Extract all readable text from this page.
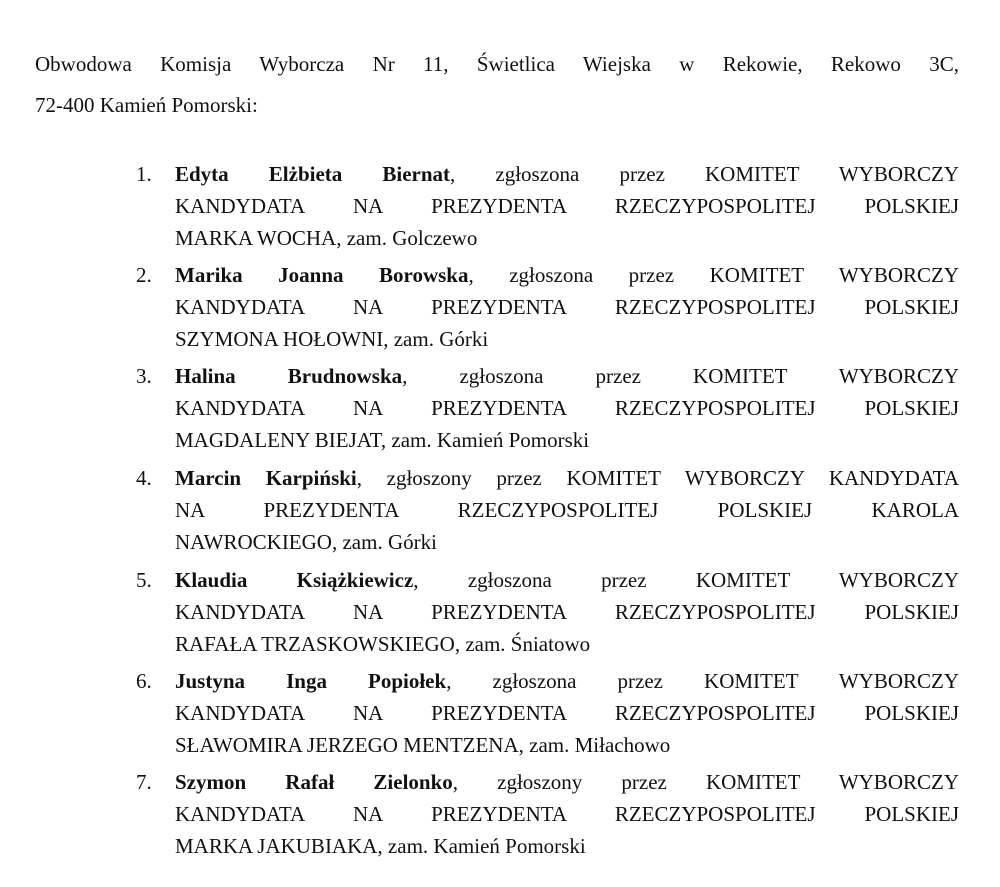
Obwodowa Komisja Wyborcza Nr 11, Świetlica Wiejska w Rekowie, Rekowo 3C,
72-400 Kamień Pomorski:
1.	Edyta Elżbieta Biernat, zgłoszona przez KOMITET WYBORCZY
KANDYDATA NA PREZYDENTA RZECZYPOSPOLITEJ POLSKIEJ
MARKA WOCHA, zam. Golczewo
2.	Marika Joanna Borowska, zgłoszona przez KOMITET WYBORCZY
KANDYDATA NA PREZYDENTA RZECZYPOSPOLITEJ POLSKIEJ
SZYMONA HOŁOWNI, zam. Górki
3.	Halina Brudnowska, zgłoszona przez KOMITET WYBORCZY
KANDYDATA NA PREZYDENTA RZECZYPOSPOLITEJ POLSKIEJ
MAGDALENY BIEJAT, zam. Kamień Pomorski
4.	Marcin Karpiński, zgłoszony przez KOMITET WYBORCZY KANDYDATA
NA PREZYDENTA RZECZYPOSPOLITEJ POLSKIEJ KAROLA
NAWROCKIEGO, zam. Górki
5.	Klaudia Książkiewicz, zgłoszona przez KOMITET WYBORCZY
KANDYDATA NA PREZYDENTA RZECZYPOSPOLITEJ POLSKIEJ
RAFAŁA TRZASKOWSKIEGO, zam. Śniatowo
6.	Justyna Inga Popiołek, zgłoszona przez KOMITET WYBORCZY
KANDYDATA NA PREZYDENTA RZECZYPOSPOLITEJ POLSKIEJ
SŁAWOMIRA JERZEGO MENTZENA, zam. Miłachowo
7.	Szymon Rafał Zielonko, zgłoszony przez KOMITET WYBORCZY
KANDYDATA NA PREZYDENTA RZECZYPOSPOLITEJ POLSKIEJ
MARKA JAKUBIAKA, zam. Kamień Pomorski
